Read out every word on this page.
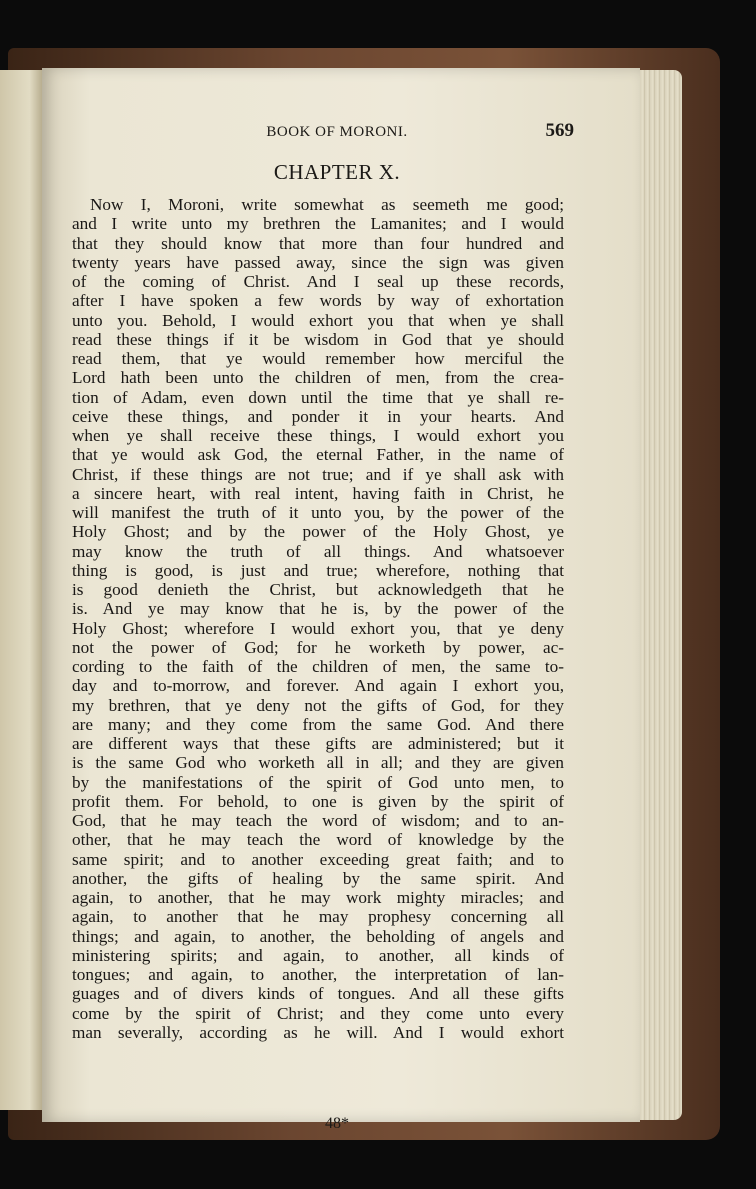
BOOK OF MORONI.	569
CHAPTER X.
Now I, Moroni, write somewhat as seemeth me good;
and I write unto my brethren the Lamanites; and I would
that they should know that more than four hundred and
twenty years have passed away, since the sign was given
of the coming of Christ. And I seal up these records,
after I have spoken a few words by way of exhortation
unto you. Behold, I would exhort you that when ye shall
read these things if it be wisdom in God that ye should
read them, that ye would remember how merciful the
Lord hath been unto the children of men, from the crea-
tion of Adam, even down until the time that ye shall re-
ceive these things, and ponder it in your hearts. And
when ye shall receive these things, I would exhort you
that ye would ask God, the eternal Father, in the name of
Christ, if these things are not true; and if ye shall ask with
a sincere heart, with real intent, having faith in Christ, he
will manifest the truth of it unto you, by the power of the
Holy Ghost; and by the power of the Holy Ghost, ye
may know the truth of all things. And whatsoever
thing is good, is just and true; wherefore, nothing that
is good denieth the Christ, but acknowledgeth that he
is. And ye may know that he is, by the power of the
Holy Ghost; wherefore I would exhort you, that ye deny
not the power of God; for he worketh by power, ac-
cording to the faith of the children of men, the same to-
day and to-morrow, and forever. And again I exhort you,
my brethren, that ye deny not the gifts of God, for they
are many; and they come from the same God. And there
are different ways that these gifts are administered; but it
is the same God who worketh all in all; and they are given
by the manifestations of the spirit of God unto men, to
profit them. For behold, to one is given by the spirit of
God, that he may teach the word of wisdom; and to an-
other, that he may teach the word of knowledge by the
same spirit; and to another exceeding great faith; and to
another, the gifts of healing by the same spirit. And
again, to another, that he may work mighty miracles; and
again, to another that he may prophesy concerning all
things; and again, to another, the beholding of angels and
ministering spirits; and again, to another, all kinds of
tongues; and again, to another, the interpretation of lan-
guages and of divers kinds of tongues. And all these gifts
come by the spirit of Christ; and they come unto every
man severally, according as he will. And I would exhort
48*
